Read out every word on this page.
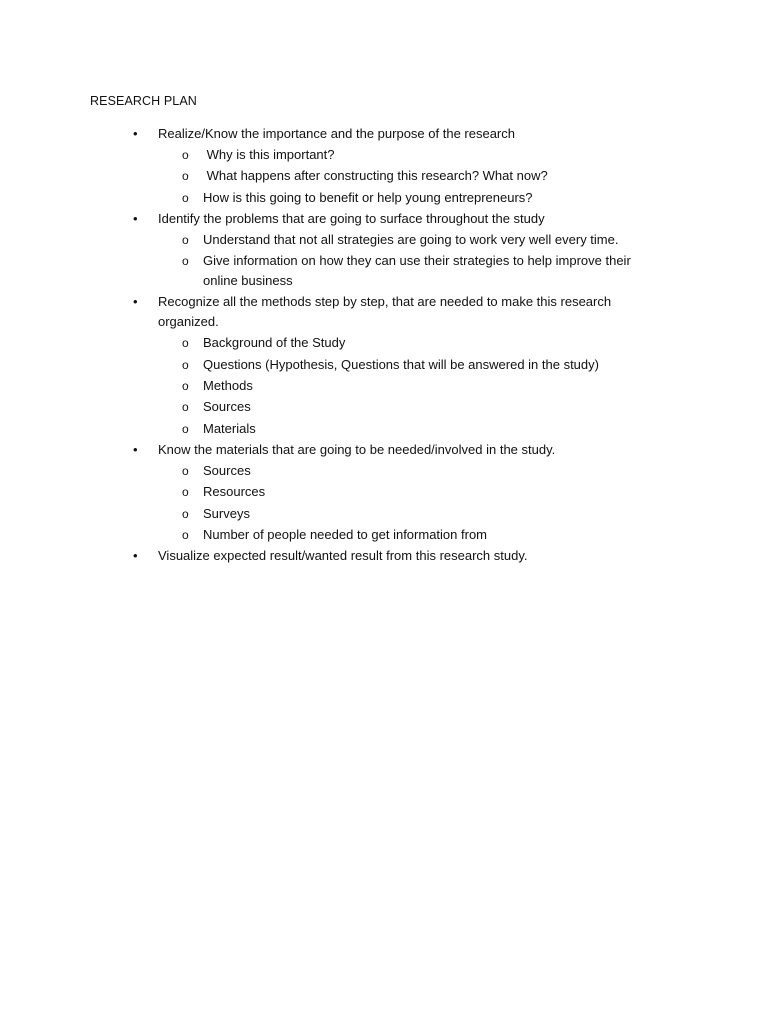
RESEARCH PLAN
• Realize/Know the importance and the purpose of the research
o Why is this important?
o What happens after constructing this research? What now?
o How is this going to benefit or help young entrepreneurs?
• Identify the problems that are going to surface throughout the study
o Understand that not all strategies are going to work very well every time.
o Give information on how they can use their strategies to help improve their online business
• Recognize all the methods step by step, that are needed to make this research organized.
o Background of the Study
o Questions (Hypothesis, Questions that will be answered in the study)
o Methods
o Sources
o Materials
• Know the materials that are going to be needed/involved in the study.
o Sources
o Resources
o Surveys
o Number of people needed to get information from
• Visualize expected result/wanted result from this research study.
